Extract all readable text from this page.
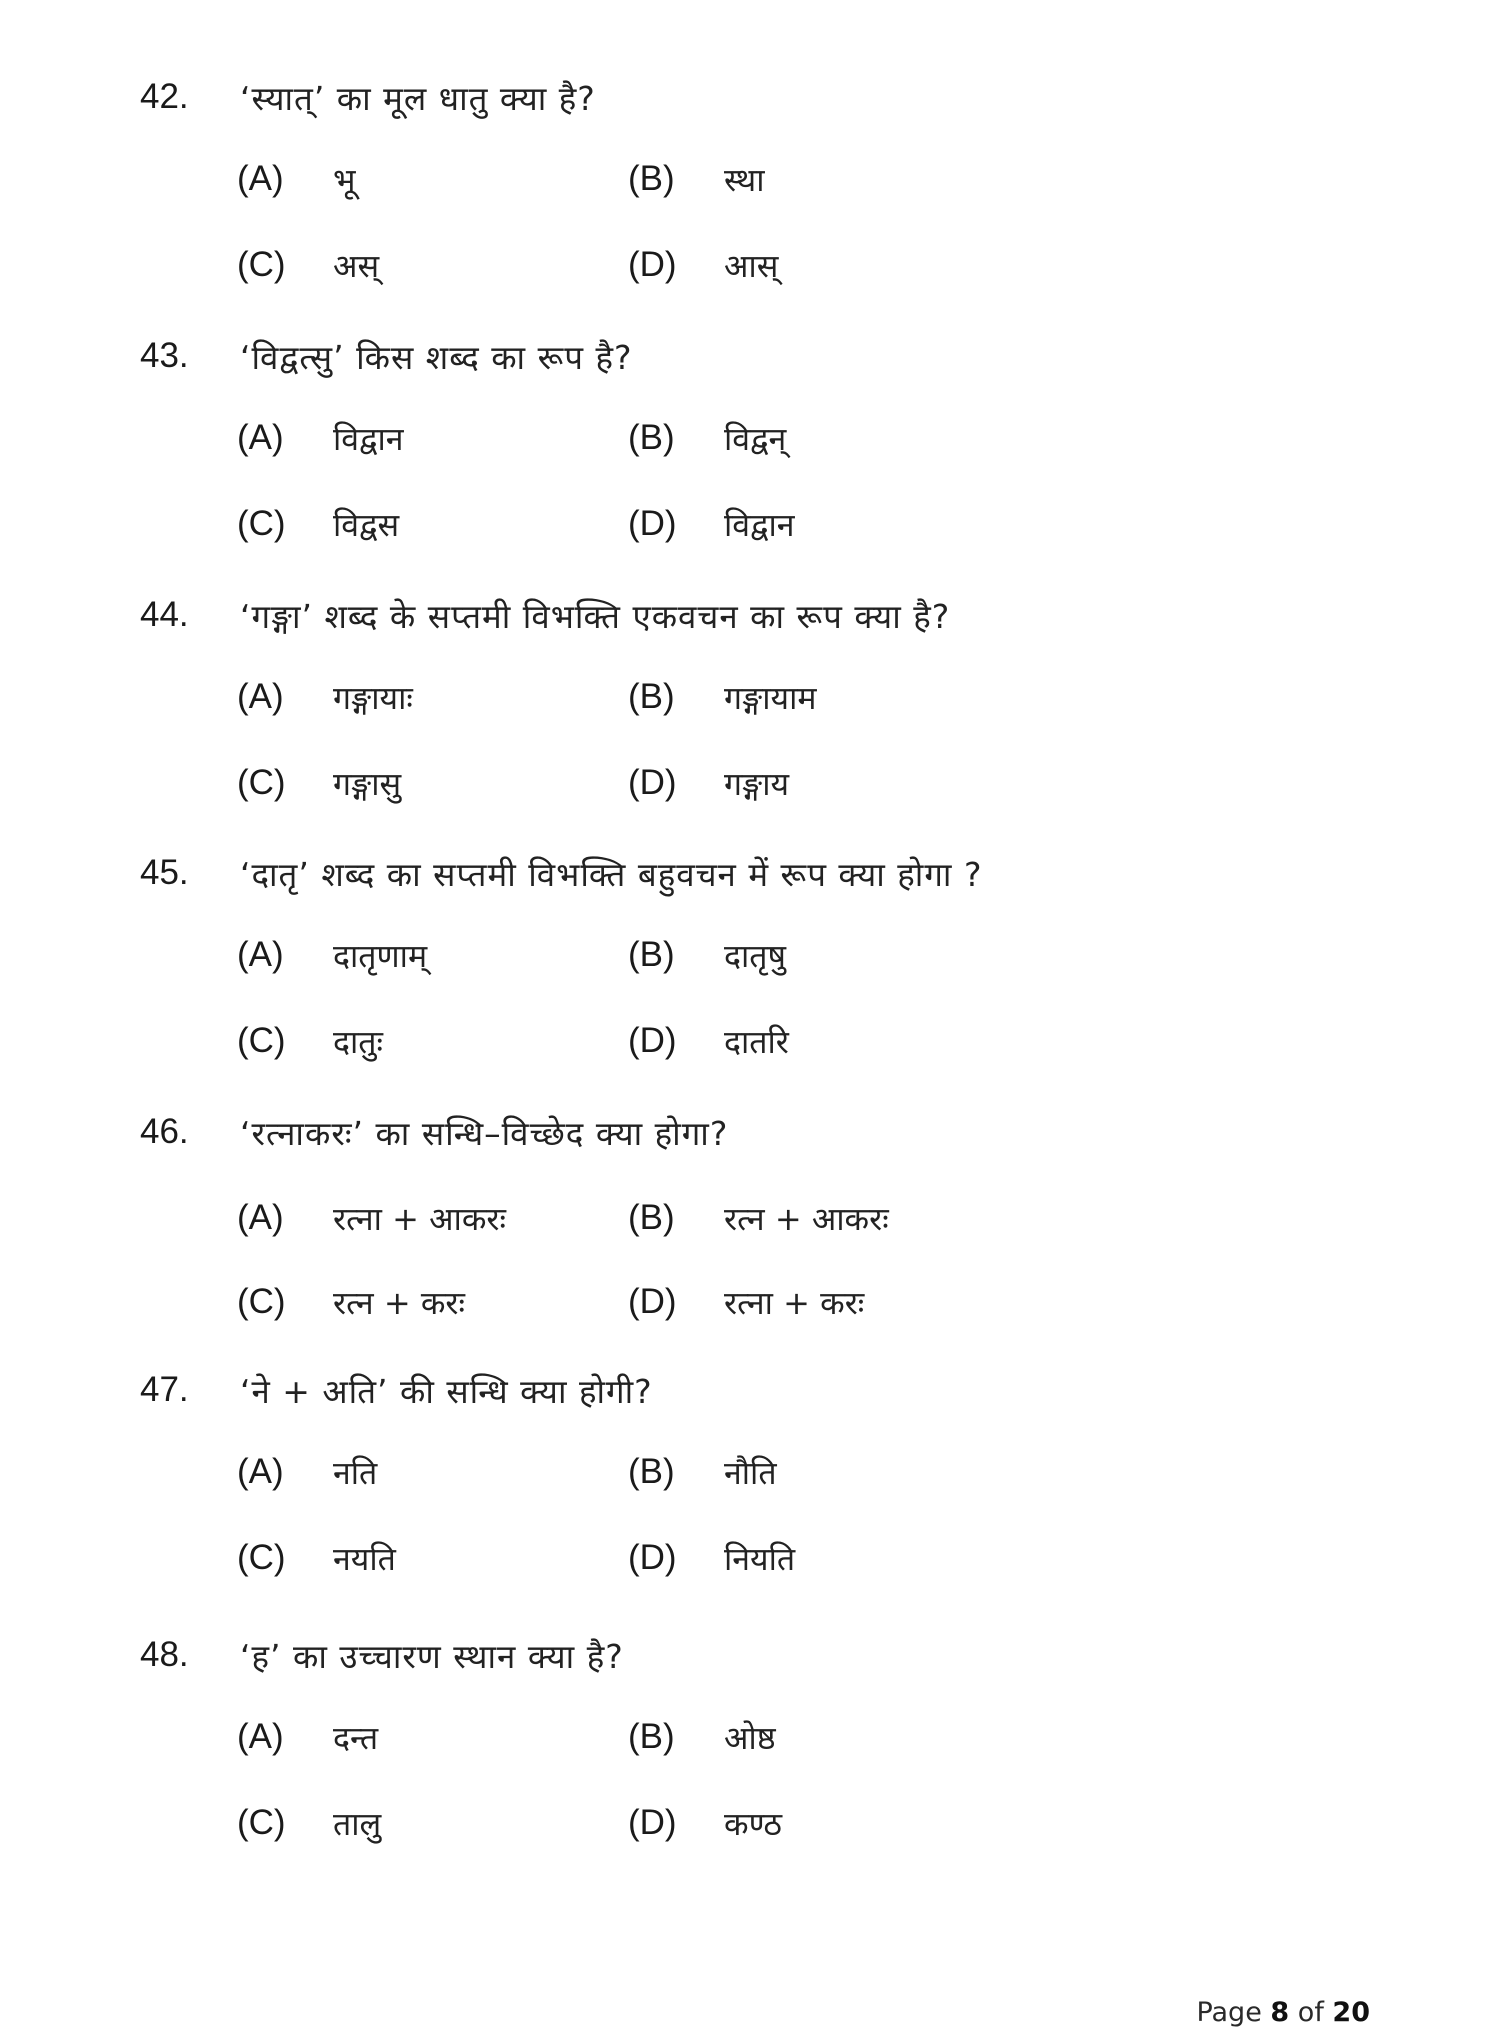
42.	‘स्यात्’ का मूल धातु क्या है?
(A)	भू	(B)	स्था
(C)	अस्	(D)	आस्
43.	‘विद्वत्सु’ किस शब्द का रूप है?
(A)	विद्वान	(B)	विद्वन्
(C)	विद्वस	(D)	विद्वान
44.	‘गङ्गा’ शब्द के सप्तमी विभक्ति एकवचन का रूप क्या है?
(A)	गङ्गायाः	(B)	गङ्गायाम
(C)	गङ्गासु	(D)	गङ्गाय
45.	‘दातृ’ शब्द का सप्तमी विभक्ति बहुवचन में रूप क्या होगा ?
(A)	दातृणाम्	(B)	दातृषु
(C)	दातुः	(D)	दातरि
46.	‘रत्नाकरः’ का सन्धि–विच्छेद क्या होगा?
(A)	रत्ना + आकरः	(B)	रत्न + आकरः
(C)	रत्न + करः	(D)	रत्ना + करः
47.	‘ने + अति’ की सन्धि क्या होगी?
(A)	नति	(B)	नौति
(C)	नयति	(D)	नियति
48.	‘ह’ का उच्चारण स्थान क्या है?
(A)	दन्त	(B)	ओष्ठ
(C)	तालु	(D)	कण्ठ
Page 8 of 20
